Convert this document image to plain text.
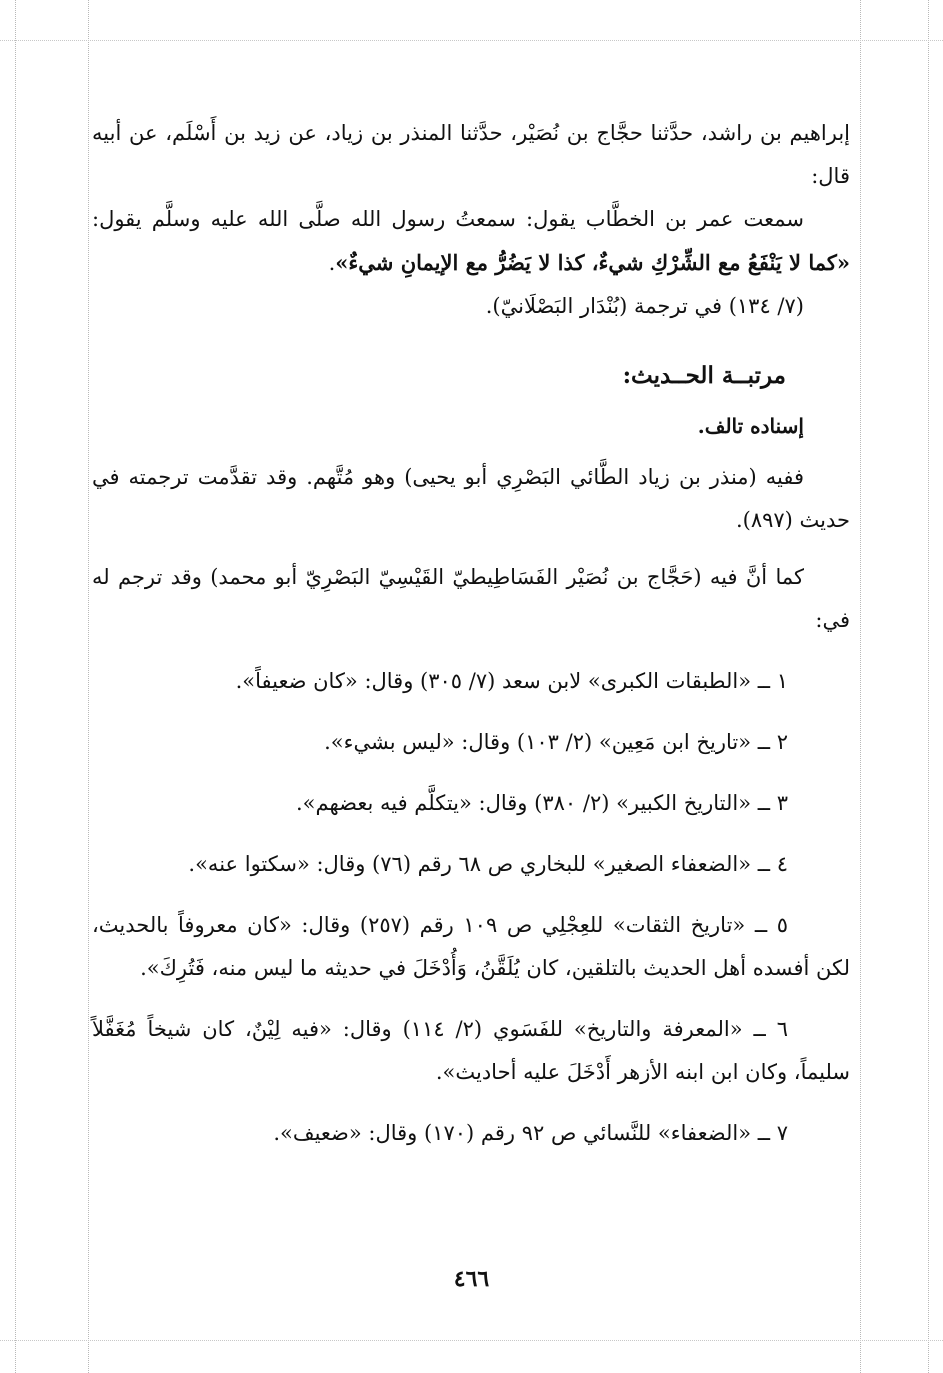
إبراهيم بن راشد، حدَّثنا حجَّاج بن نُصَيْر، حدَّثنا المنذر بن زياد، عن زيد بن أَسْلَم، عن أبيه قال:

سمعت عمر بن الخطَّاب يقول: سمعتُ رسول الله صلَّى الله عليه وسلَّم يقول: «كما لا يَنْفَعُ مع الشِّرْكِ شيءٌ، كذا لا يَضُرُّ مع الإيمانِ شيءٌ».

(٧/ ١٣٤) في ترجمة (بُنْدَار البَصْلَانيّ).

مرتبــة الحــديث:

إسناده تالف.

ففيه (منذر بن زياد الطَّائي البَصْرِي أبو يحيى) وهو مُتَّهم. وقد تقدَّمت ترجمته في حديث (٨٩٧).

كما أنَّ فيه (حَجَّاج بن نُصَيْر الفَسَاطِيطيّ القَيْسِيّ البَصْرِيّ أبو محمد) وقد ترجم له في:

١ ــ «الطبقات الكبرى» لابن سعد (٧/ ٣٠٥) وقال: «كان ضعيفاً».

٢ ــ «تاريخ ابن مَعِين» (٢/ ١٠٣) وقال: «ليس بشيء».

٣ ــ «التاريخ الكبير» (٢/ ٣٨٠) وقال: «يتكلَّم فيه بعضهم».

٤ ــ «الضعفاء الصغير» للبخاري ص ٦٨ رقم (٧٦) وقال: «سكتوا عنه».

٥ ــ «تاريخ الثقات» للعِجْلِي ص ١٠٩ رقم (٢٥٧) وقال: «كان معروفاً بالحديث، لكن أفسده أهل الحديث بالتلقين، كان يُلَقَّنُ، وَأُدْخَلَ في حديثه ما ليس منه، فَتُرِكَ».

٦ ــ «المعرفة والتاريخ» للفَسَوي (٢/ ١١٤) وقال: «فيه لِيْنٌ، كان شيخاً مُغَفَّلاً سليماً، وكان ابن ابنه الأزهر أَدْخَلَ عليه أحاديث».

٧ ــ «الضعفاء» للنَّسائي ص ٩٢ رقم (١٧٠) وقال: «ضعيف».

٤٦٦
